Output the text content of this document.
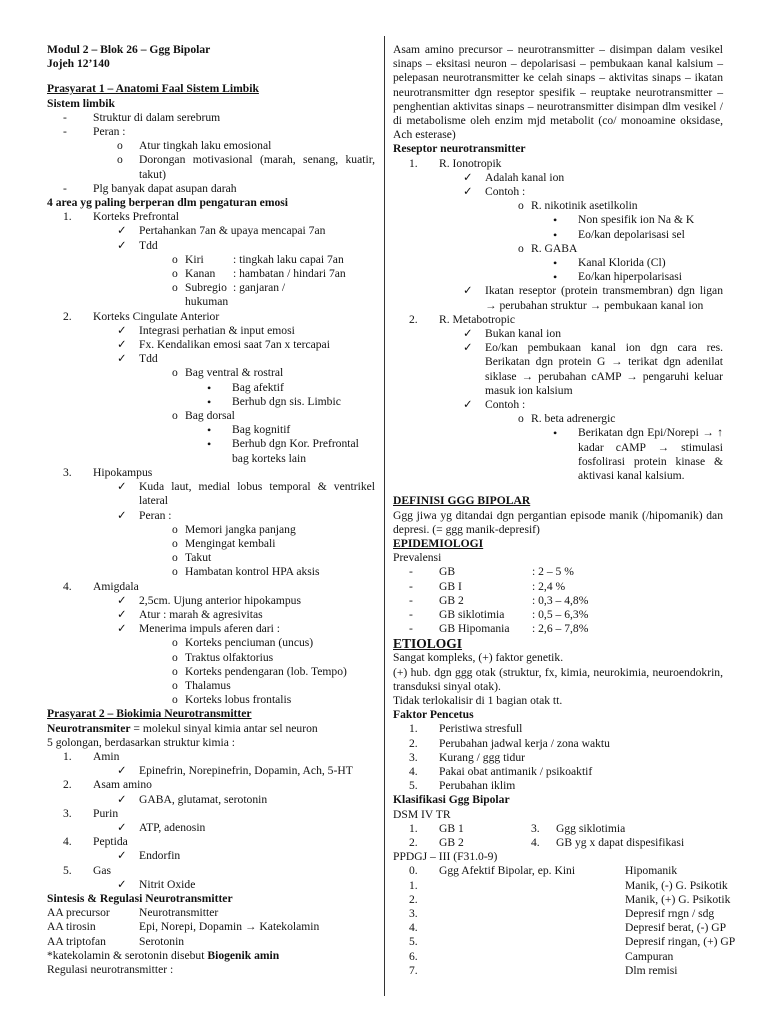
Modul 2 – Blok 26 – Ggg Bipolar
Jojeh 12’140
Prasyarat 1 – Anatomi Faal Sistem Limbik
Sistem limbik
- Struktur di dalam serebrum
- Peran :
o Atur tingkah laku emosional
o Dorongan motivasional (marah, senang, kuatir, takut)
- Plg banyak dapat asupan darah
4 area yg paling berperan dlm pengaturan emosi
1. Korteks Prefrontal
✓ Pertahankan 7an & upaya mencapai 7an
✓ Tdd
o Kiri	: tingkah laku capai 7an
o Kanan : hambatan / hindari 7an
o Subregio : ganjaran /
hukuman
2. Korteks Cingulate Anterior
✓ Integrasi perhatian & input emosi
✓ Fx. Kendalikan emosi saat 7an x tercapai
✓ Tdd
o Bag ventral & rostral
• Bag afektif
• Berhub dgn sis. Limbic
o Bag dorsal
• Bag kognitif
• Berhub dgn Kor. Prefrontal
bag korteks lain
3. Hipokampus
✓ Kuda laut, medial lobus temporal & ventrikel lateral
✓ Peran :
o Memori jangka panjang
o Mengingat kembali
o Takut
o Hambatan kontrol HPA aksis
4. Amigdala
✓ 2,5cm. Ujung anterior hipokampus
✓ Atur : marah & agresivitas
✓ Menerima impuls aferen dari :
o Korteks penciuman (uncus)
o Traktus olfaktorius
o Korteks pendengaran (lob. Tempo)
o Thalamus
o Korteks lobus frontalis
Prasyarat 2 – Biokimia Neurotransmitter
Neurotransmiter = molekul sinyal kimia antar sel neuron
5 golongan, berdasarkan struktur kimia :
1. Amin
✓ Epinefrin, Norepinefrin, Dopamin, Ach, 5-HT
2. Asam amino
✓ GABA, glutamat, serotonin
3. Purin
✓ ATP, adenosin
4. Peptida
✓ Endorfin
5. Gas
✓ Nitrit Oxide
Sintesis & Regulasi Neurotransmitter
AA precursor	Neurotransmitter
AA tirosin	Epi, Norepi, Dopamin → Katekolamin
AA triptofan	Serotonin
*katekolamin & serotonin disebut Biogenik amin
Regulasi neurotransmitter :
Asam amino precursor – neurotransmitter – disimpan dalam vesikel sinaps – eksitasi neuron – depolarisasi – pembukaan kanal kalsium – pelepasan neurotransmitter ke celah sinaps – aktivitas sinaps – ikatan neurotransmitter dgn reseptor spesifik – reuptake neurotransmitter – penghentian aktivitas sinaps – neurotransmitter disimpan dlm vesikel / di metabolisme oleh enzim mjd metabolit (co/ monoamine oksidase, Ach esterase)
Reseptor neurotransmitter
1. R. Ionotropik
✓ Adalah kanal ion
✓ Contoh :
o R. nikotinik asetilkolin
• Non spesifik ion Na & K
• Eo/kan depolarisasi sel
o R. GABA
• Kanal Klorida (Cl)
• Eo/kan hiperpolarisasi
✓ Ikatan reseptor (protein transmembran) dgn ligan → perubahan struktur → pembukaan kanal ion
2. R. Metabotropic
✓ Bukan kanal ion
✓ Eo/kan pembukaan kanal ion dgn cara res. Berikatan dgn protein G → terikat dgn adenilat siklase → perubahan cAMP → pengaruhi keluar masuk ion kalsium
✓ Contoh :
o R. beta adrenergic
• Berikatan dgn Epi/Norepi → ↑ kadar cAMP → stimulasi fosfolirasi protein kinase & aktivasi kanal kalsium.
DEFINISI GGG BIPOLAR
Ggg jiwa yg ditandai dgn pergantian episode manik (/hipomanik) dan depresi. (= ggg manik-depresif)
EPIDEMIOLOGI
Prevalensi
- GB	: 2 – 5 %
- GB I	: 2,4 %
- GB 2	: 0,3 – 4,8%
- GB siklotimia : 0,5 – 6,3%
- GB Hipomania : 2,6 – 7,8%
ETIOLOGI
Sangat kompleks, (+) faktor genetik.
(+) hub. dgn ggg otak (struktur, fx, kimia, neurokimia, neuroendokrin, transduksi sinyal otak).
Tidak terlokalisir di 1 bagian otak tt.
Faktor Pencetus
1. Peristiwa stresfull
2. Perubahan jadwal kerja / zona waktu
3. Kurang / ggg tidur
4. Pakai obat antimanik / psikoaktif
5. Perubahan iklim
Klasifikasi Ggg Bipolar
DSM IV TR
1. GB 1	3. Ggg siklotimia
2. GB 2	4. GB yg x dapat dispesifikasi
PPDGJ – III (F31.0-9)
0. Ggg Afektif Bipolar, ep. Kini	Hipomanik
1.	Manik, (-) G. Psikotik
2.	Manik, (+) G. Psikotik
3.	Depresif rngn / sdg
4.	Depresif berat, (-) GP
5.	Depresif ringan, (+) GP
6.	Campuran
7.	Dlm remisi
